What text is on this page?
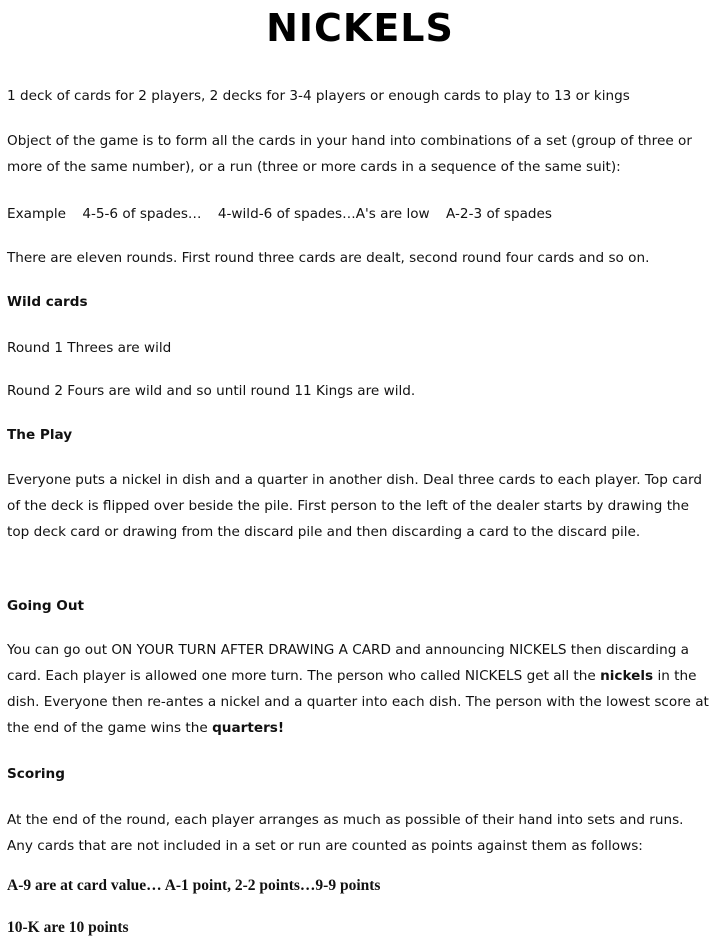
NICKELS
1 deck of cards for 2 players, 2 decks for 3-4 players or enough cards to play to 13 or kings
Object of the game is to form all the cards in your hand into combinations of a set (group of three or more of the same number), or a run (three or more cards in a sequence of the same suit):
Example 4-5-6 of spades… 4-wild-6 of spades…A's are low A-2-3 of spades
There are eleven rounds. First round three cards are dealt, second round four cards and so on.
Wild cards
Round 1 Threes are wild
Round 2 Fours are wild and so until round 11 Kings are wild.
The Play
Everyone puts a nickel in dish and a quarter in another dish. Deal three cards to each player. Top card of the deck is flipped over beside the pile. First person to the left of the dealer starts by drawing the top deck card or drawing from the discard pile and then discarding a card to the discard pile.
Going Out
You can go out ON YOUR TURN AFTER DRAWING A CARD and announcing NICKELS then discarding a card. Each player is allowed one more turn. The person who called NICKELS get all the nickels in the dish. Everyone then re-antes a nickel and a quarter into each dish. The person with the lowest score at the end of the game wins the quarters!
Scoring
At the end of the round, each player arranges as much as possible of their hand into sets and runs. Any cards that are not included in a set or run are counted as points against them as follows:
A-9 are at card value… A-1 point, 2-2 points…9-9 points
10-K are 10 points
